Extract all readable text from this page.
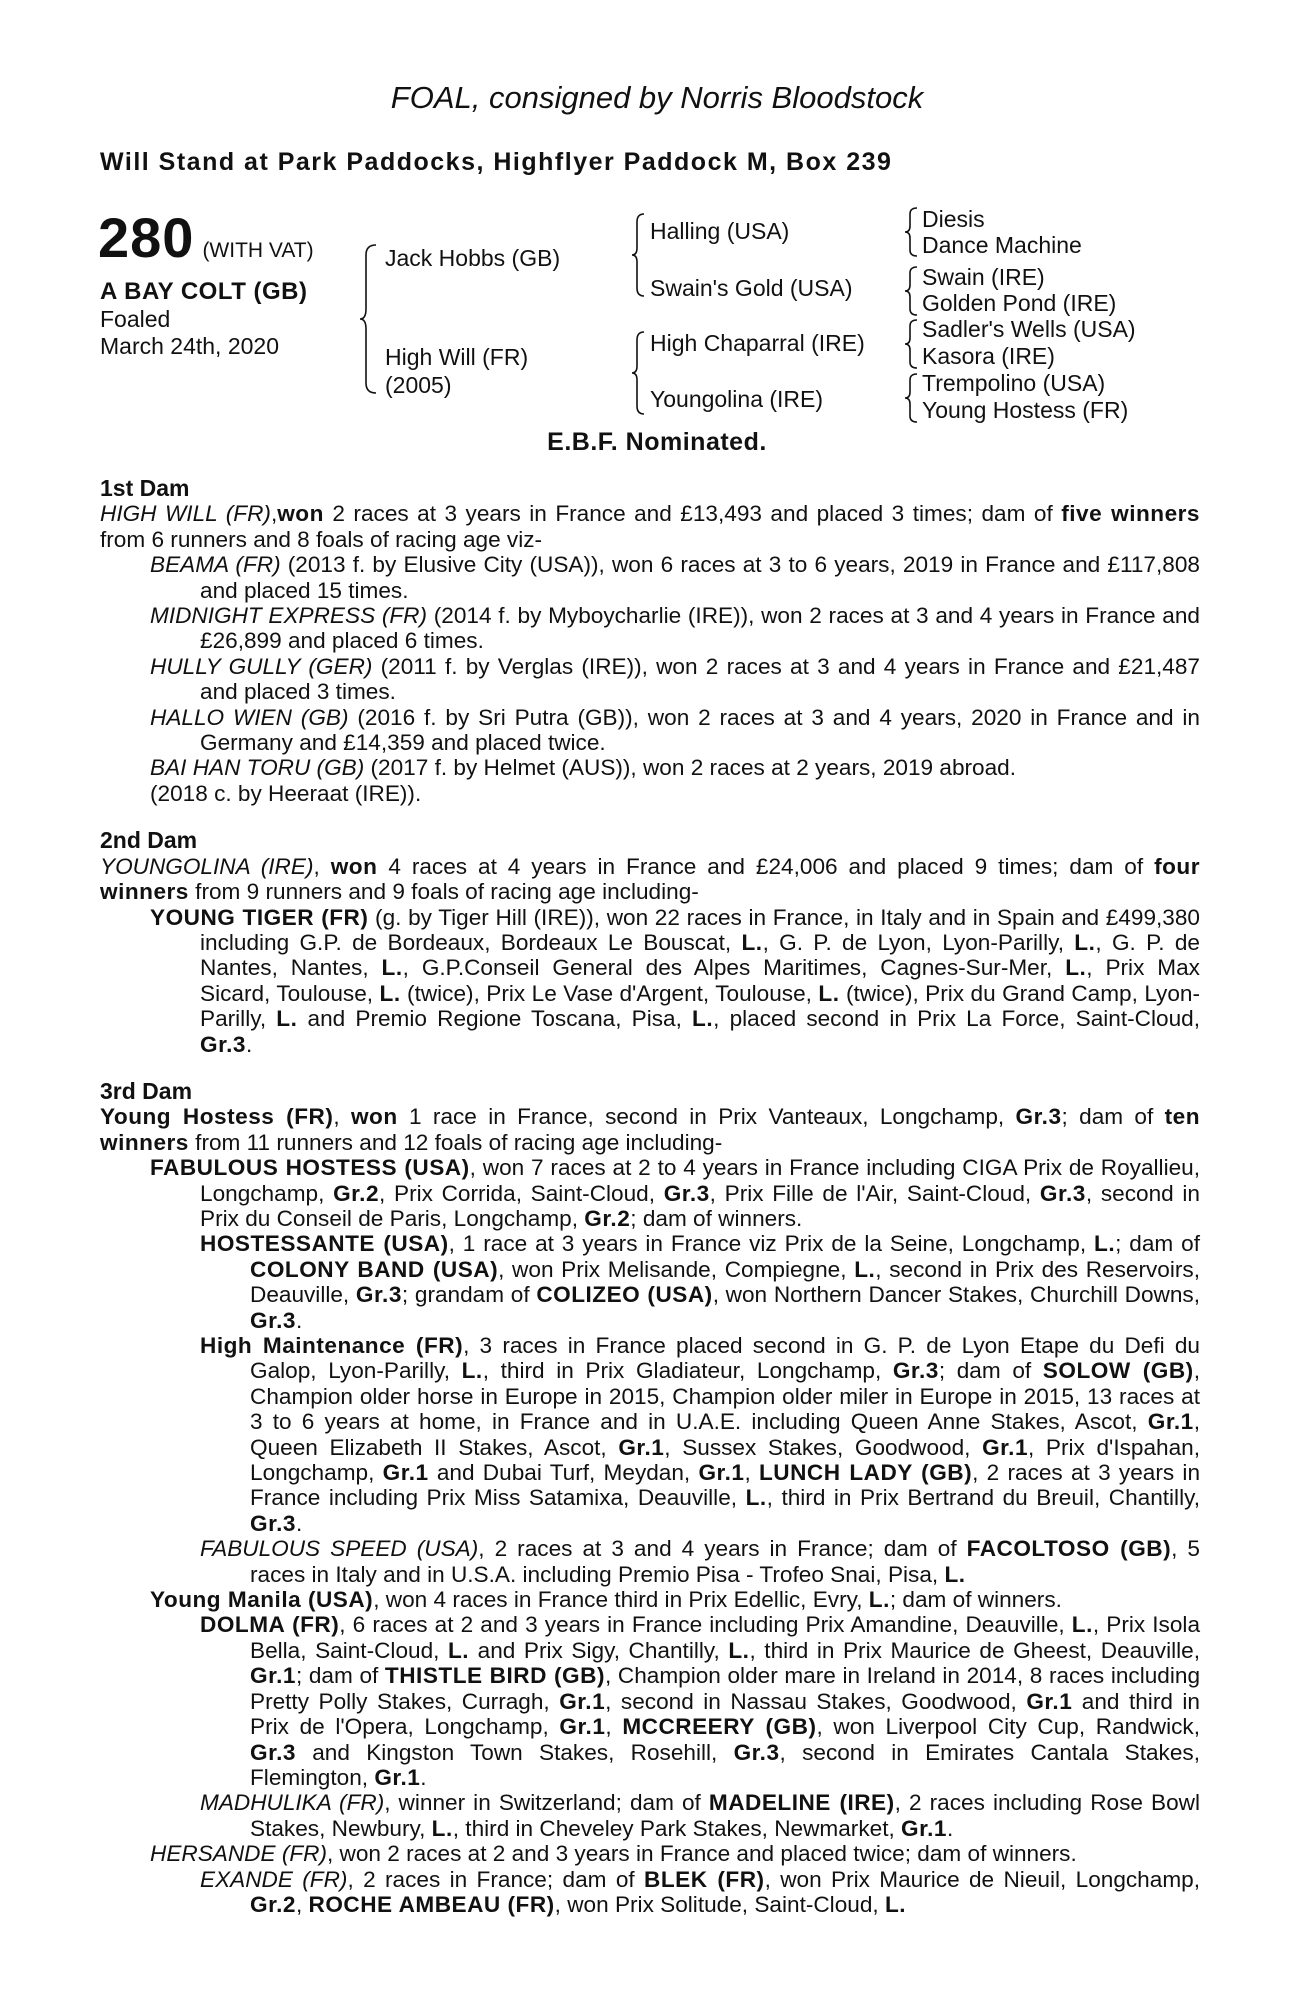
FOAL, consigned by Norris Bloodstock
Will Stand at Park Paddocks, Highflyer Paddock M, Box 239
280 (WITH VAT)
A BAY COLT (GB)
Foaled
March 24th, 2020
Jack Hobbs (GB)
High Will (FR)
(2005)
Halling (USA)
Swain's Gold (USA)
High Chaparral (IRE)
Youngolina (IRE)
Diesis
Dance Machine
Swain (IRE)
Golden Pond (IRE)
Sadler's Wells (USA)
Kasora (IRE)
Trempolino (USA)
Young Hostess (FR)
E.B.F. Nominated.
1st Dam
HIGH WILL (FR),won 2 races at 3 years in France and £13,493 and placed 3 times; dam of five winners from 6 runners and 8 foals of racing age viz-
BEAMA (FR) (2013 f. by Elusive City (USA)), won 6 races at 3 to 6 years, 2019 in France and £117,808 and placed 15 times.
MIDNIGHT EXPRESS (FR) (2014 f. by Myboycharlie (IRE)), won 2 races at 3 and 4 years in France and £26,899 and placed 6 times.
HULLY GULLY (GER) (2011 f. by Verglas (IRE)), won 2 races at 3 and 4 years in France and £21,487 and placed 3 times.
HALLO WIEN (GB) (2016 f. by Sri Putra (GB)), won 2 races at 3 and 4 years, 2020 in France and in Germany and £14,359 and placed twice.
BAI HAN TORU (GB) (2017 f. by Helmet (AUS)), won 2 races at 2 years, 2019 abroad.
(2018 c. by Heeraat (IRE)).
2nd Dam
YOUNGOLINA (IRE), won 4 races at 4 years in France and £24,006 and placed 9 times; dam of four winners from 9 runners and 9 foals of racing age including-
YOUNG TIGER (FR) (g. by Tiger Hill (IRE)), won 22 races in France, in Italy and in Spain and £499,380 including G.P. de Bordeaux, Bordeaux Le Bouscat, L., G. P. de Lyon, Lyon-Parilly, L., G. P. de Nantes, Nantes, L., G.P.Conseil General des Alpes Maritimes, Cagnes-Sur-Mer, L., Prix Max Sicard, Toulouse, L. (twice), Prix Le Vase d'Argent, Toulouse, L. (twice), Prix du Grand Camp, Lyon-Parilly, L. and Premio Regione Toscana, Pisa, L., placed second in Prix La Force, Saint-Cloud, Gr.3.
3rd Dam
Young Hostess (FR), won 1 race in France, second in Prix Vanteaux, Longchamp, Gr.3; dam of ten winners from 11 runners and 12 foals of racing age including-
FABULOUS HOSTESS (USA), won 7 races at 2 to 4 years in France including CIGA Prix de Royallieu, Longchamp, Gr.2, Prix Corrida, Saint-Cloud, Gr.3, Prix Fille de l'Air, Saint-Cloud, Gr.3, second in Prix du Conseil de Paris, Longchamp, Gr.2; dam of winners.
HOSTESSANTE (USA), 1 race at 3 years in France viz Prix de la Seine, Longchamp, L.; dam of COLONY BAND (USA), won Prix Melisande, Compiegne, L., second in Prix des Reservoirs, Deauville, Gr.3; grandam of COLIZEO (USA), won Northern Dancer Stakes, Churchill Downs, Gr.3.
High Maintenance (FR), 3 races in France placed second in G. P. de Lyon Etape du Defi du Galop, Lyon-Parilly, L., third in Prix Gladiateur, Longchamp, Gr.3; dam of SOLOW (GB), Champion older horse in Europe in 2015, Champion older miler in Europe in 2015, 13 races at 3 to 6 years at home, in France and in U.A.E. including Queen Anne Stakes, Ascot, Gr.1, Queen Elizabeth II Stakes, Ascot, Gr.1, Sussex Stakes, Goodwood, Gr.1, Prix d'Ispahan, Longchamp, Gr.1 and Dubai Turf, Meydan, Gr.1, LUNCH LADY (GB), 2 races at 3 years in France including Prix Miss Satamixa, Deauville, L., third in Prix Bertrand du Breuil, Chantilly, Gr.3.
FABULOUS SPEED (USA), 2 races at 3 and 4 years in France; dam of FACOLTOSO (GB), 5 races in Italy and in U.S.A. including Premio Pisa - Trofeo Snai, Pisa, L.
Young Manila (USA), won 4 races in France third in Prix Edellic, Evry, L.; dam of winners.
DOLMA (FR), 6 races at 2 and 3 years in France including Prix Amandine, Deauville, L., Prix Isola Bella, Saint-Cloud, L. and Prix Sigy, Chantilly, L., third in Prix Maurice de Gheest, Deauville, Gr.1; dam of THISTLE BIRD (GB), Champion older mare in Ireland in 2014, 8 races including Pretty Polly Stakes, Curragh, Gr.1, second in Nassau Stakes, Goodwood, Gr.1 and third in Prix de l'Opera, Longchamp, Gr.1, MCCREERY (GB), won Liverpool City Cup, Randwick, Gr.3 and Kingston Town Stakes, Rosehill, Gr.3, second in Emirates Cantala Stakes, Flemington, Gr.1.
MADHULIKA (FR), winner in Switzerland; dam of MADELINE (IRE), 2 races including Rose Bowl Stakes, Newbury, L., third in Cheveley Park Stakes, Newmarket, Gr.1.
HERSANDE (FR), won 2 races at 2 and 3 years in France and placed twice; dam of winners.
EXANDE (FR), 2 races in France; dam of BLEK (FR), won Prix Maurice de Nieuil, Longchamp, Gr.2, ROCHE AMBEAU (FR), won Prix Solitude, Saint-Cloud, L.
